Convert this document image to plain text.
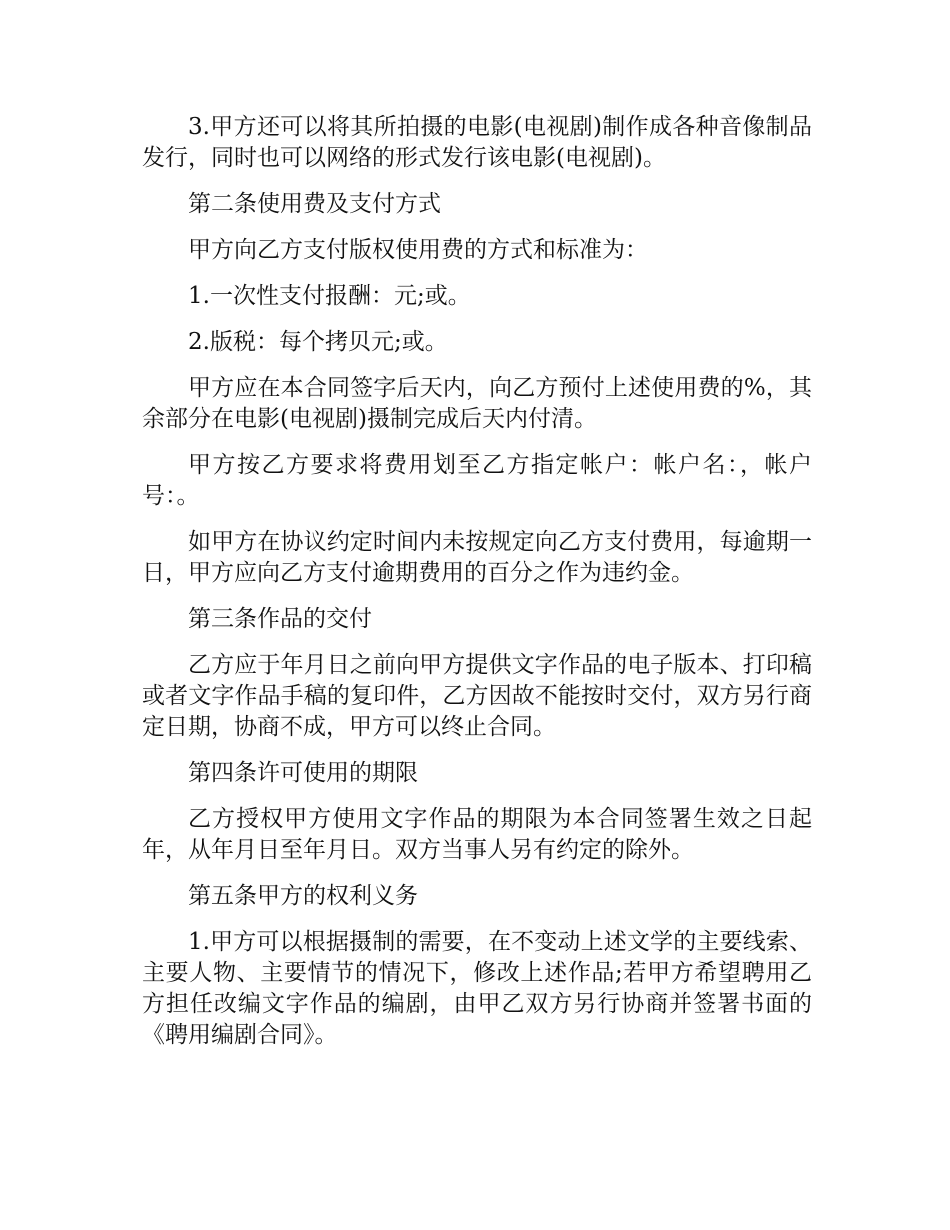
3.甲方还可以将其所拍摄的电影(电视剧)制作成各种音像制品发行，同时也可以网络的形式发行该电影(电视剧)。

第二条使用费及支付方式

甲方向乙方支付版权使用费的方式和标准为：

1.一次性支付报酬：元;或。

2.版税：每个拷贝元;或。

甲方应在本合同签字后天内，向乙方预付上述使用费的%，其余部分在电影(电视剧)摄制完成后天内付清。

甲方按乙方要求将费用划至乙方指定帐户：帐户名：，帐户号：。

如甲方在协议约定时间内未按规定向乙方支付费用，每逾期一日，甲方应向乙方支付逾期费用的百分之作为违约金。

第三条作品的交付

乙方应于年月日之前向甲方提供文字作品的电子版本、打印稿或者文字作品手稿的复印件，乙方因故不能按时交付，双方另行商定日期，协商不成，甲方可以终止合同。

第四条许可使用的期限

乙方授权甲方使用文字作品的期限为本合同签署生效之日起年，从年月日至年月日。双方当事人另有约定的除外。

第五条甲方的权利义务

1.甲方可以根据摄制的需要，在不变动上述文学的主要线索、主要人物、主要情节的情况下，修改上述作品;若甲方希望聘用乙方担任改编文字作品的编剧，由甲乙双方另行协商并签署书面的《聘用编剧合同》。
